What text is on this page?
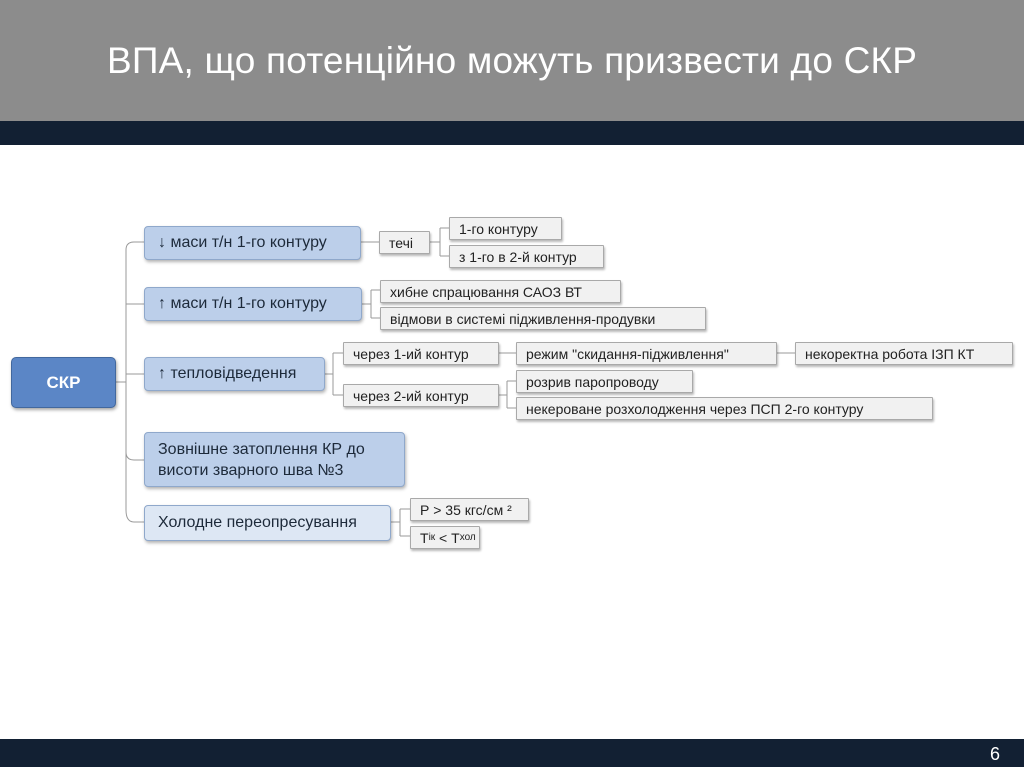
ВПА, що потенційно можуть призвести до СКР
СКР
↓ маси т/н 1-го контуру	течі
1-го контуру
з 1-го в 2-й контур
↑ маси т/н 1-го контуру
хибне спрацювання САОЗ ВТ
відмови в системі підживлення-продувки
↑ тепловідведення
через 1-ий контур	режим "скидання-підживлення"	некоректна робота ІЗП КТ
через 2-ий контур
розрив паропроводу
некероване розхолодження через ПСП 2-го контуру
Зовнішне затоплення КР до
висоти зварного шва №3
Холодне переопресування
Р > 35 кгс/см ²
Т ік < Т хол
6
